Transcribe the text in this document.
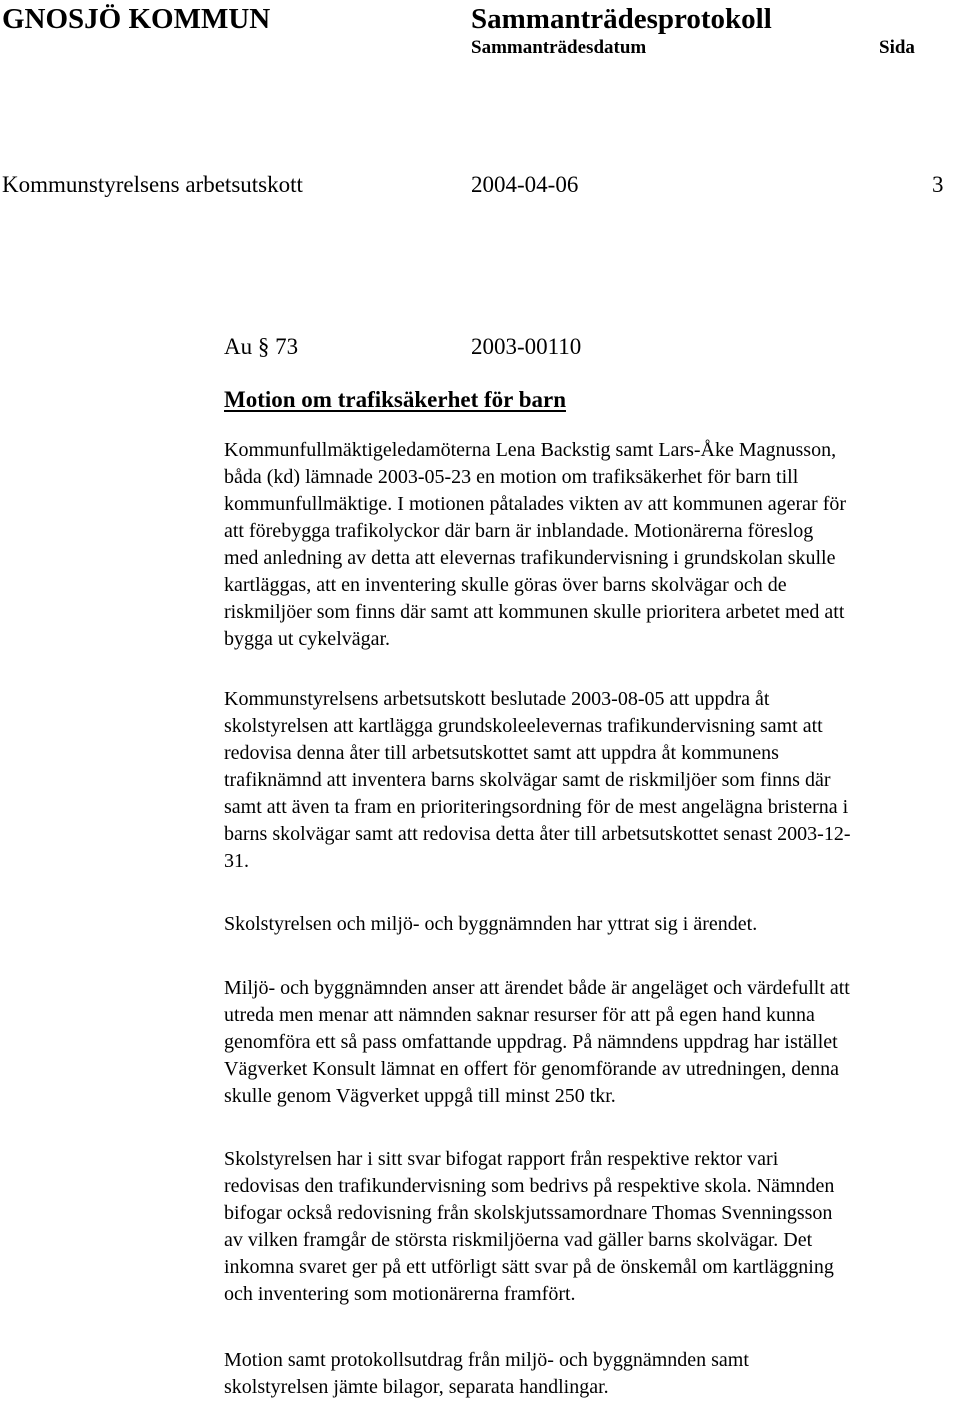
GNOSJÖ KOMMUN	Sammanträdesprotokoll
Sammanträdesdatum	Sida
Kommunstyrelsens arbetsutskott	2004-04-06	3
Au § 73	2003-00110
Motion om trafiksäkerhet för barn
Kommunfullmäktigeledamöterna Lena Backstig samt Lars-Åke Magnusson,
båda (kd) lämnade 2003-05-23 en motion om trafiksäkerhet för barn till
kommunfullmäktige. I motionen påtalades vikten av att kommunen agerar för
att förebygga trafikolyckor där barn är inblandade. Motionärerna föreslog
med anledning av detta att elevernas trafikundervisning i grundskolan skulle
kartläggas, att en inventering skulle göras över barns skolvägar och de
riskmiljöer som finns där samt att kommunen skulle prioritera arbetet med att
bygga ut cykelvägar.
Kommunstyrelsens arbetsutskott beslutade 2003-08-05 att uppdra åt
skolstyrelsen att kartlägga grundskoleelevernas trafikundervisning samt att
redovisa denna åter till arbetsutskottet samt att uppdra åt kommunens
trafiknämnd att inventera barns skolvägar samt de riskmiljöer som finns där
samt att även ta fram en prioriteringsordning för de mest angelägna bristerna i
barns skolvägar samt att redovisa detta åter till arbetsutskottet senast 2003-12-
31.
Skolstyrelsen och miljö- och byggnämnden har yttrat sig i ärendet.
Miljö- och byggnämnden anser att ärendet både är angeläget och värdefullt att
utreda men menar att nämnden saknar resurser för att på egen hand kunna
genomföra ett så pass omfattande uppdrag. På nämndens uppdrag har istället
Vägverket Konsult lämnat en offert för genomförande av utredningen, denna
skulle genom Vägverket uppgå till minst 250 tkr.
Skolstyrelsen har i sitt svar bifogat rapport från respektive rektor vari
redovisas den trafikundervisning som bedrivs på respektive skola. Nämnden
bifogar också redovisning från skolskjutssamordnare Thomas Svenningsson
av vilken framgår de största riskmiljöerna vad gäller barns skolvägar. Det
inkomna svaret ger på ett utförligt sätt svar på de önskemål om kartläggning
och inventering som motionärerna framfört.
Motion samt protokollsutdrag från miljö- och byggnämnden samt
skolstyrelsen jämte bilagor, separata handlingar.
